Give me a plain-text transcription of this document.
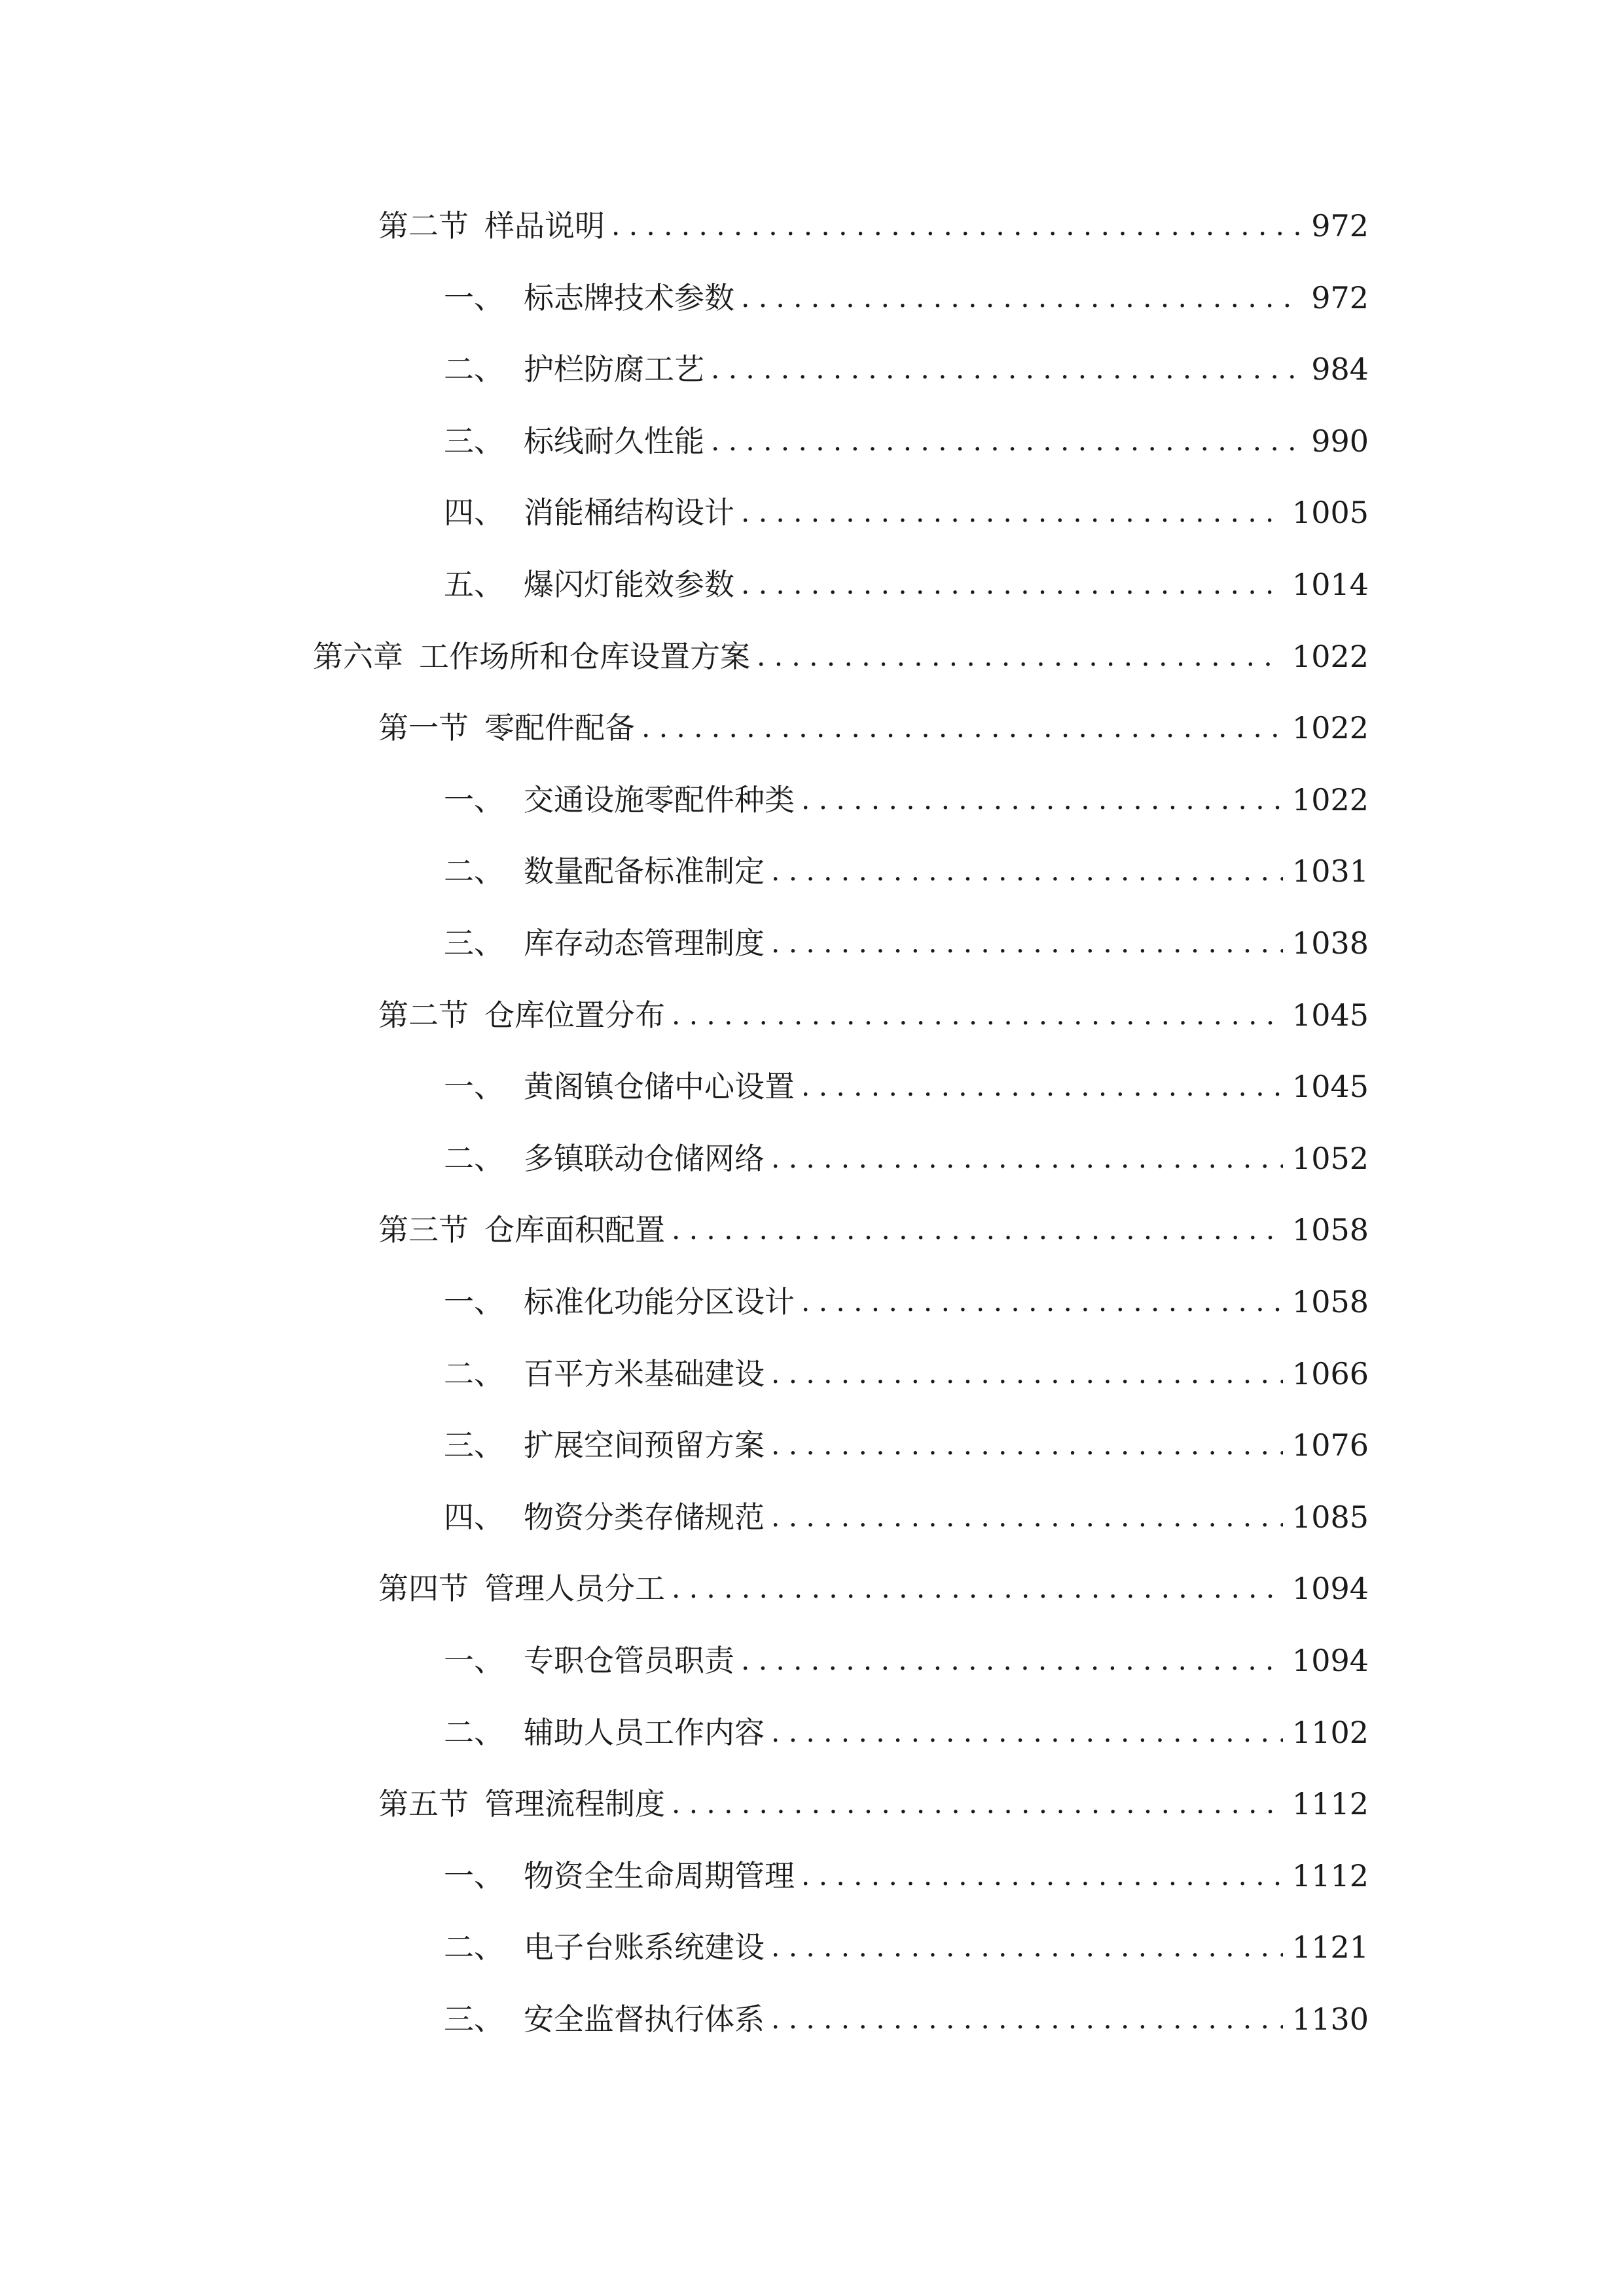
第二节 样品说明 . . .	972
一、 标志牌技术参数 . . .	972
二、 护栏防腐工艺 . . .	984
三、 标线耐久性能 . . .	990
四、 消能桶结构设计 . . .	1005
五、 爆闪灯能效参数 . . .	1014
第六章 工作场所和仓库设置方案 . . .	1022
第一节 零配件配备 . . .	1022
一、 交通设施零配件种类 . . .	1022
二、 数量配备标准制定 . . .	1031
三、 库存动态管理制度 . . .	1038
第二节 仓库位置分布 . . .	1045
一、 黄阁镇仓储中心设置 . . .	1045
二、 多镇联动仓储网络 . . .	1052
第三节 仓库面积配置 . . .	1058
一、 标准化功能分区设计 . . .	1058
二、 百平方米基础建设 . . .	1066
三、 扩展空间预留方案 . . .	1076
四、 物资分类存储规范 . . .	1085
第四节 管理人员分工 . . .	1094
一、 专职仓管员职责 . . .	1094
二、 辅助人员工作内容 . . .	1102
第五节 管理流程制度 . . .	1112
一、 物资全生命周期管理 . . .	1112
二、 电子台账系统建设 . . .	1121
三、 安全监督执行体系 . . .	1130
